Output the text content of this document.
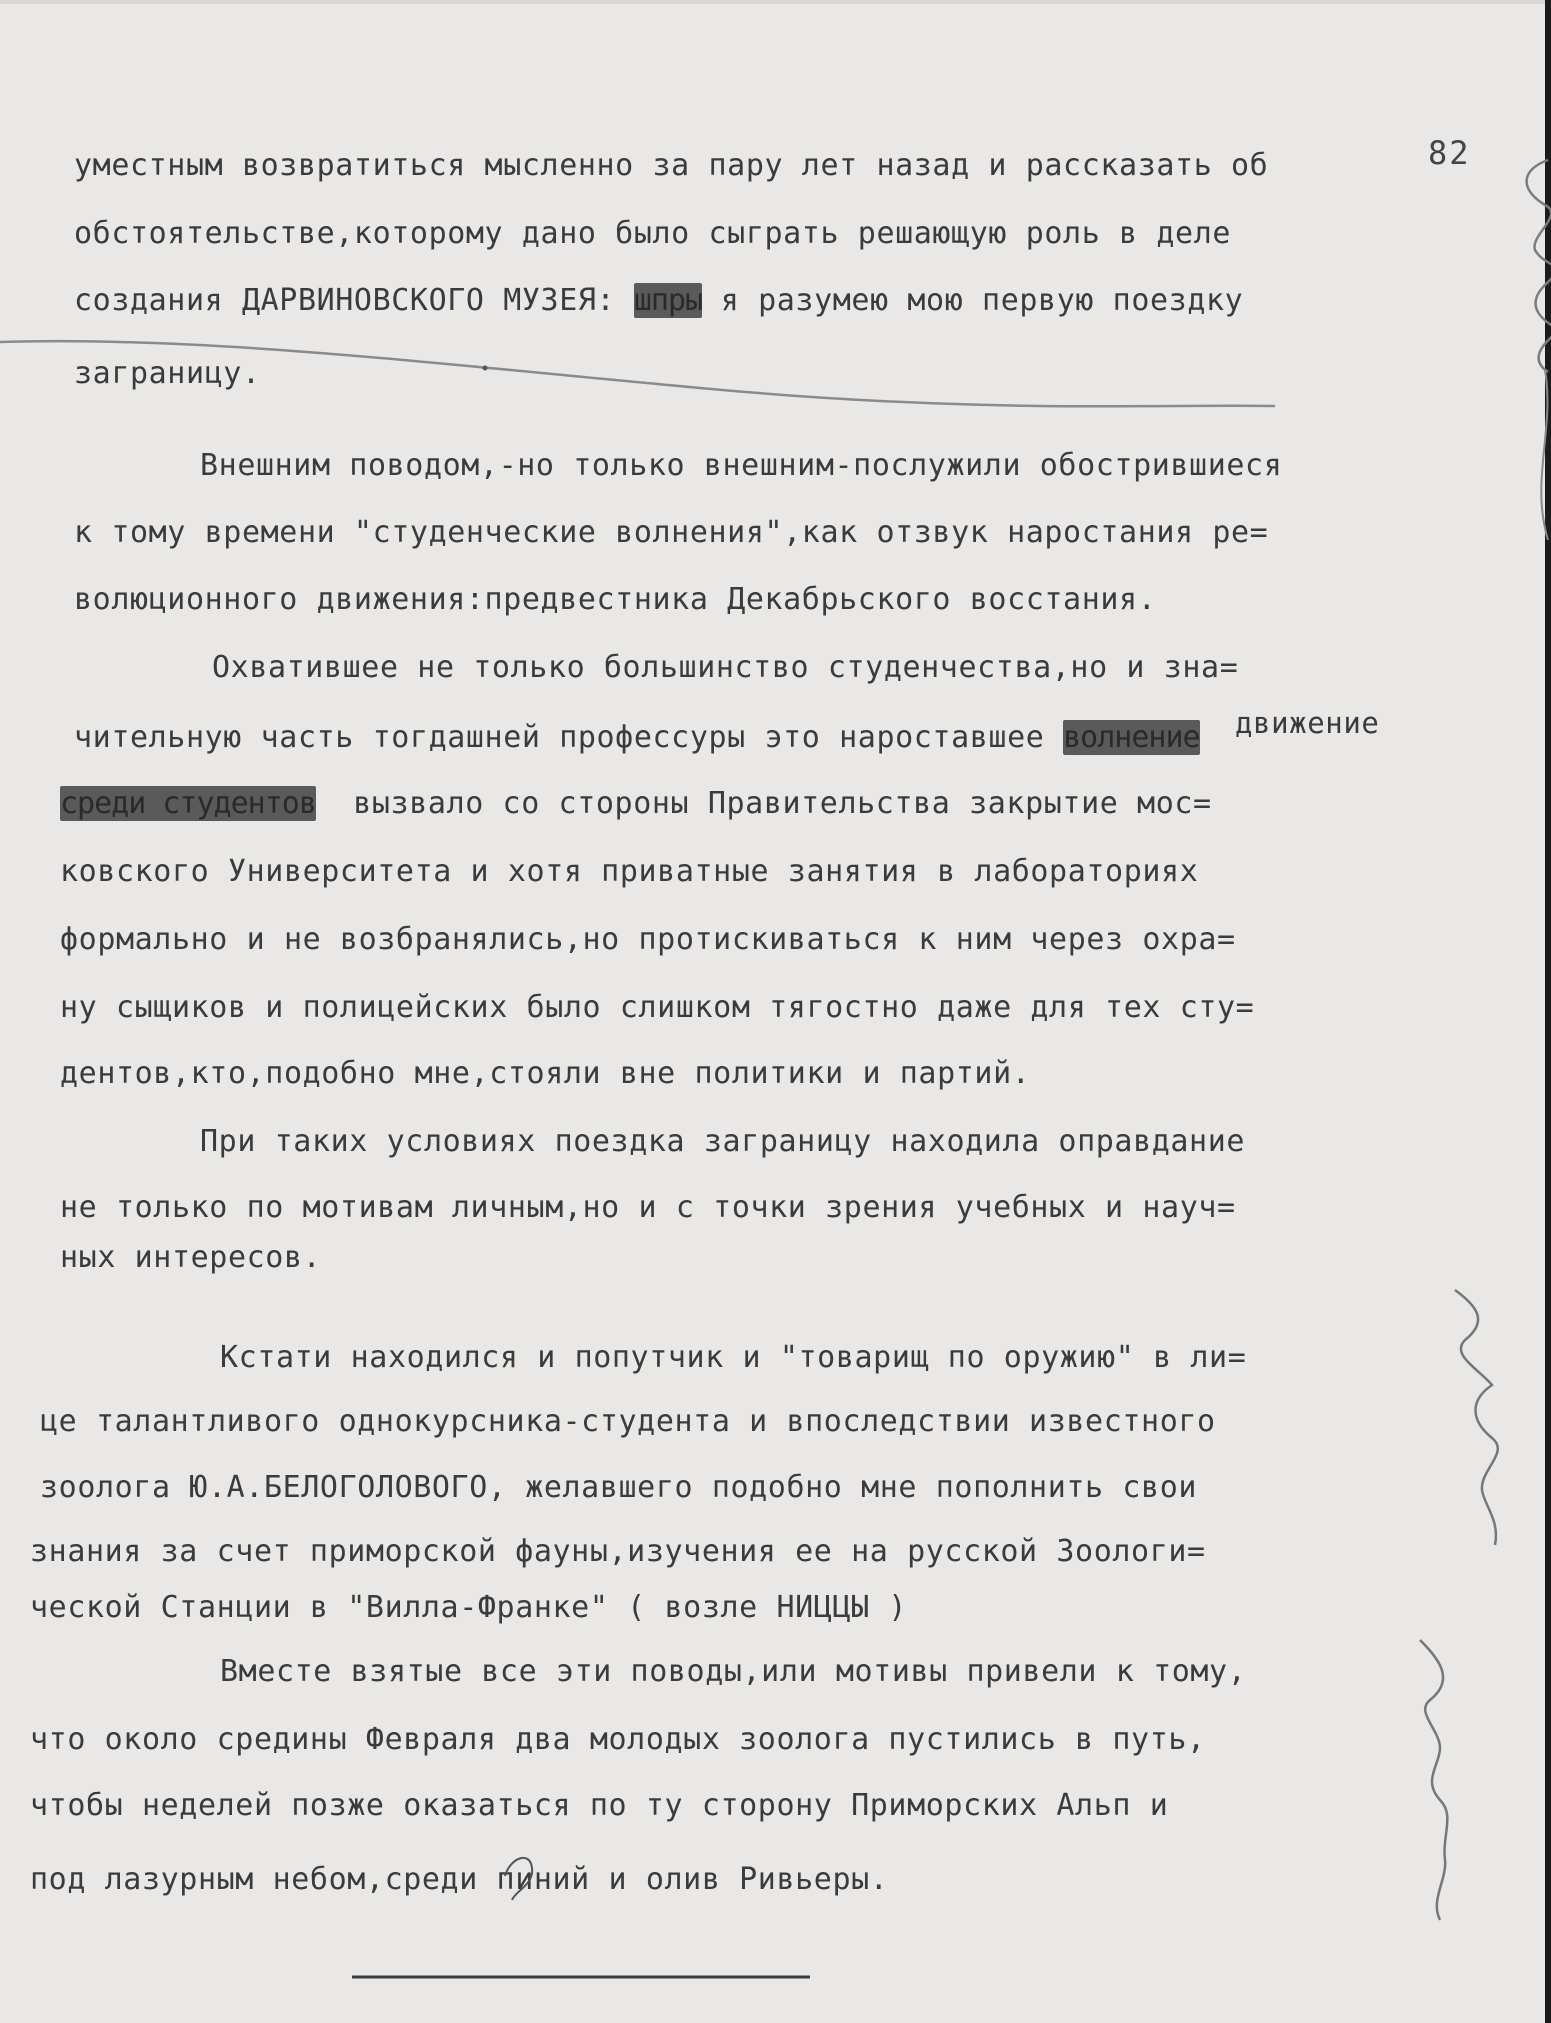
82
умеcтным возвратиться мысленно за пару лет назад и рассказать об
обстоятельстве,которому дано было сыграть решающую роль в деле
создания ДАРВИНОВСКОГО МУЗЕЯ: шпры я разумею мою первую поездку
заграницу.
Внешним поводом,-но только внешним-послужили обострившиеся
к тому времени "студенческие волнения",как отзвук наростания ре=
волюционного движения:предвестника Декабрьского восстания.
Охватившее не только большинство студенчества,но и зна=
движение
чительную часть тогдашней профессуры это нароставшее волнение
среди студентов вызвало со стороны Правительства закрытие мос=
ковского Университета и хотя приватные занятия в лабораториях
формально и не возбранялись,но протискиваться к ним через охра=
ну сыщиков и полицейских было слишком тягостно даже для тех сту=
дентов,кто,подобно мне,стояли вне политики и партий.
При таких условиях поездка заграницу находила оправдание
не только по мотивам личным,но и с точки зрения учебных и науч=
ных интересов.
Кстати находился и попутчик и "товарищ по оружию" в ли=
це талантливого однокурсника-студента и впоследствии известного
зоолога Ю.А.БЕЛОГОЛОВОГО, желавшего подобно мне пополнить свои
знания за счет приморской фауны,изучения ее на русской Зоологи=
ческой Станции в "Вилла-Франке" ( возле НИЦЦЫ )
Вместе взятые все эти поводы,или мотивы привели к тому,
что около средины Февраля два молодых зоолога пустились в путь,
чтобы неделей позже оказаться по ту сторону Приморских Альп и
под лазурным небом,среди пиний и олив Ривьеры.
